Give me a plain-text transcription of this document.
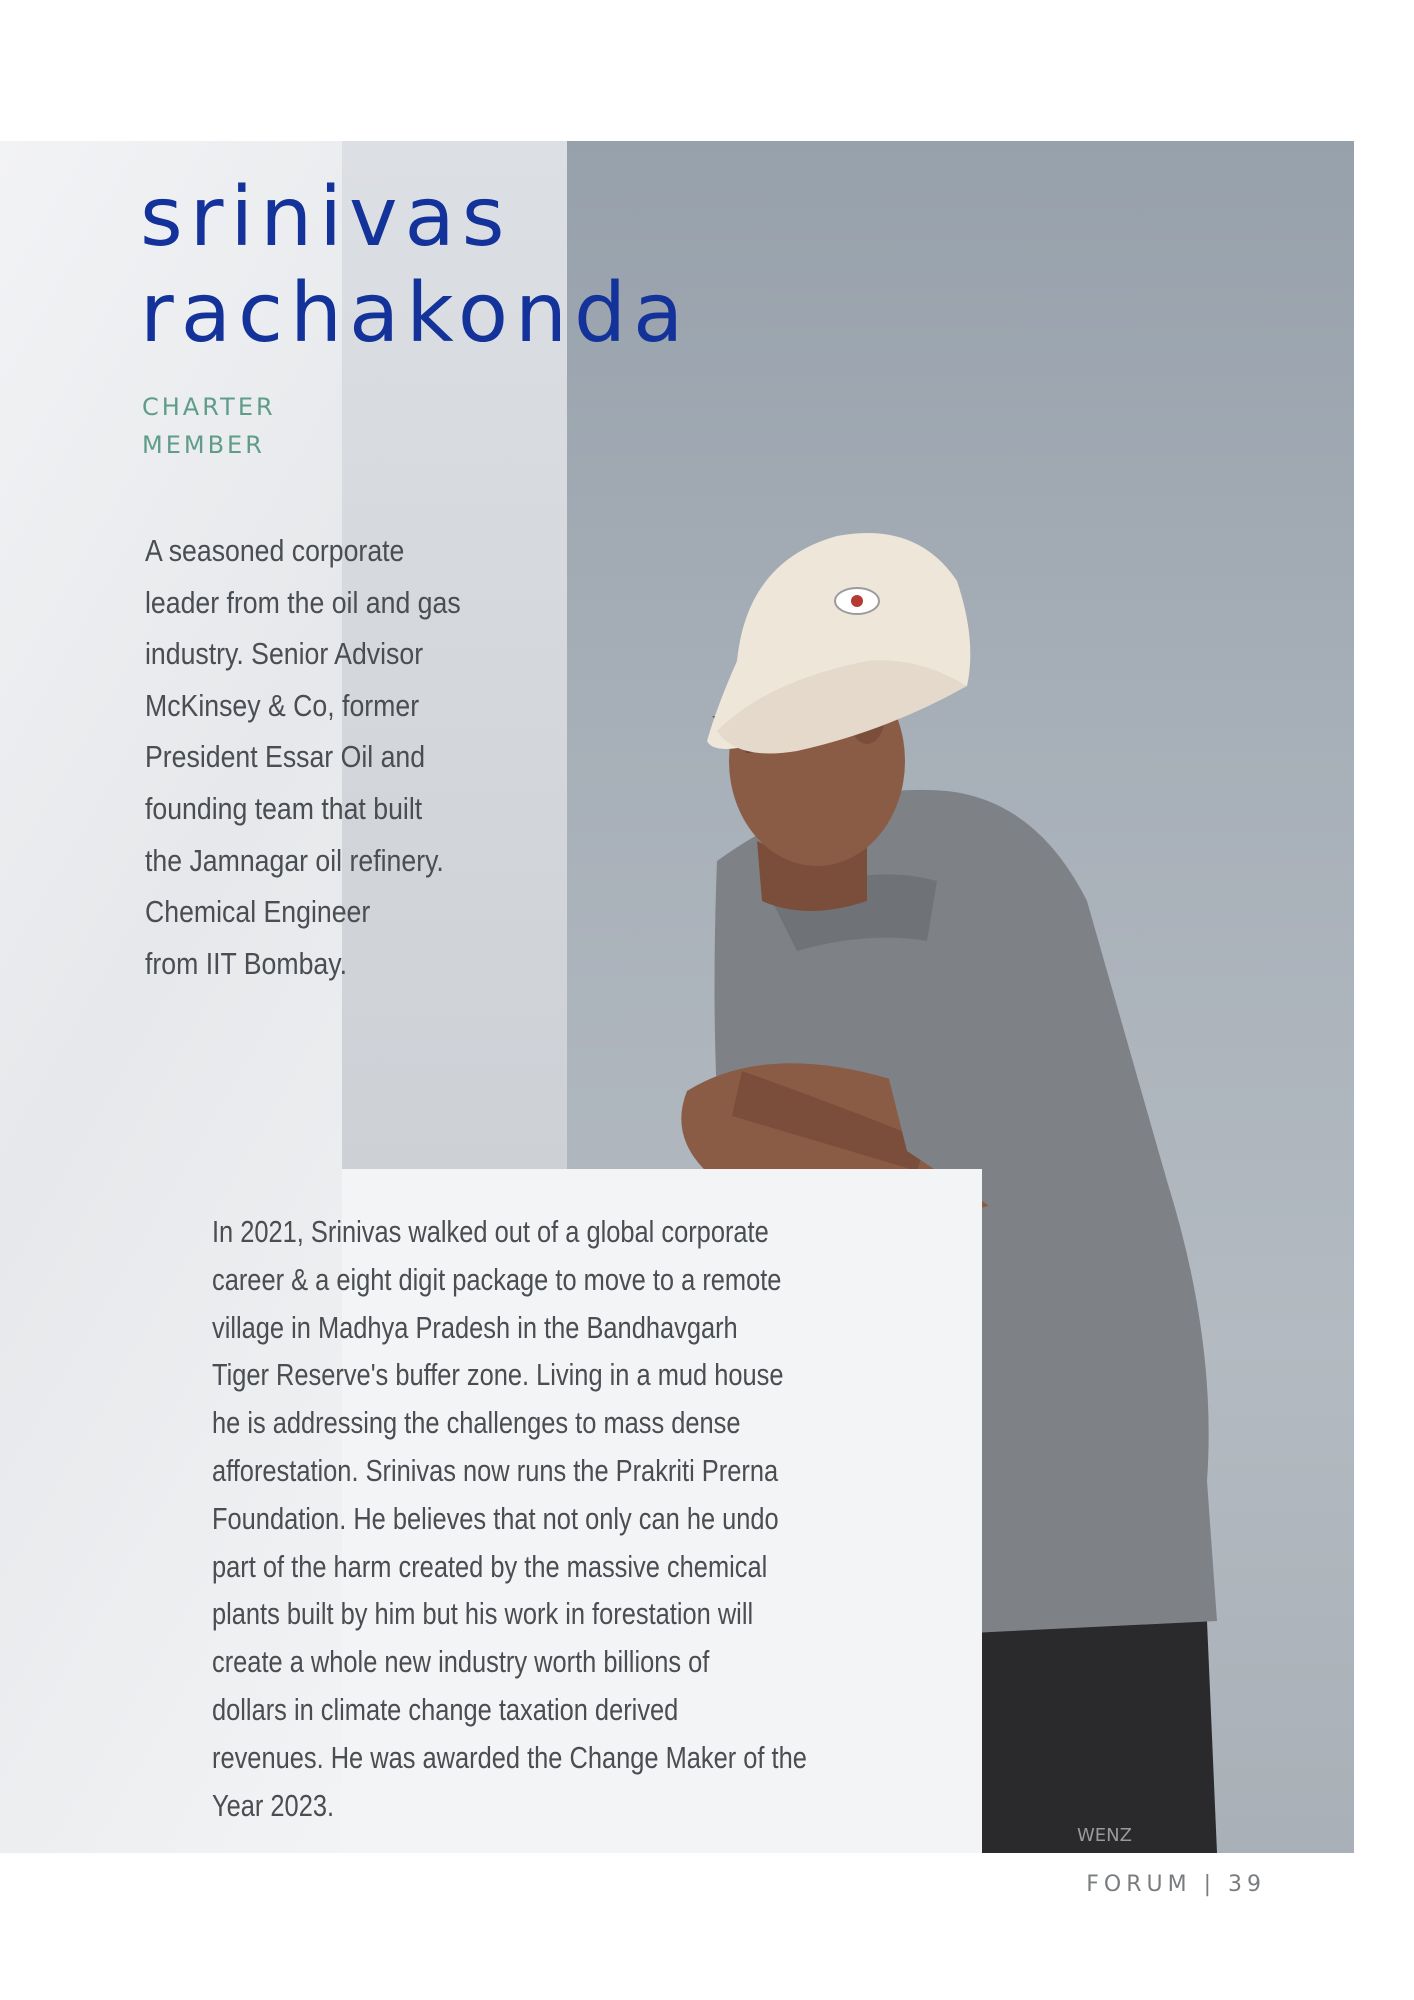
WENZ
srinivas
rachakonda
CHARTER
MEMBER
A seasoned corporate
leader from the oil and gas
industry. Senior Advisor
McKinsey & Co, former
President Essar Oil and
founding team that built
the Jamnagar oil refinery.
Chemical Engineer
from IIT Bombay.
In 2021, Srinivas walked out of a global corporate
career & a eight digit package to move to a remote
village in Madhya Pradesh in the Bandhavgarh
Tiger Reserve's buffer zone. Living in a mud house
he is addressing the challenges to mass dense
afforestation. Srinivas now runs the Prakriti Prerna
Foundation. He believes that not only can he undo
part of the harm created by the massive chemical
plants built by him but his work in forestation will
create a whole new industry worth billions of
dollars in climate change taxation derived
revenues. He was awarded the Change Maker of the
Year 2023.
FORUM | 39
